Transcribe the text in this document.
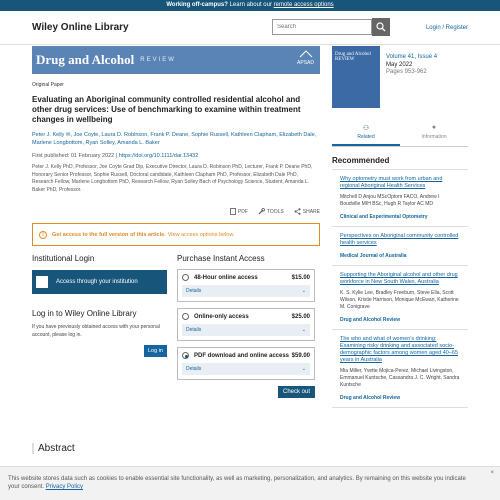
Working off-campus? Learn about our remote access options
Wiley Online Library
Search	Login / Register
Drug and Alcohol REVIEW	APSAD
Original Paper
Evaluating an Aboriginal community controlled residential alcohol and other drug services: Use of benchmarking to examine within treatment changes in wellbeing
Peter J. Kelly ✉, Joe Coyte, Laura D. Robinson, Frank P. Deane, Sophie Russell, Kathleen Clapham, Elizabeth Dale, Marlene Longbottom, Ryan Solley, Amanda L. Baker
First published: 01 February 2022 | https://doi.org/10.1111/dar.13432
Peter J. Kelly PhD, Professor, Joe Coyte Grad Dip, Executive Director, Laura D. Robinson PhD, Lecturer, Frank P. Deane PhD, Honorary Senior Professor, Sophie Russell, Doctoral candidate, Kathleen Clapham PhD, Professor, Elizabeth Dale PhD, Research Fellow, Marlene Longbottom PhD, Research Fellow, Ryan Solley Bach of Psychology Science, Student, Amanda L. Baker PhD, Professor.
PDF	TOOLS	SHARE
!	Get access to the full version of this article. View access options below.
Institutional Login
Access through your institution
Log in to Wiley Online Library
If you have previously obtained access with your personal account, please log in.
Log in
Purchase Instant Access
48-Hour online access	$15.00
Details	⌄
Online-only access	$25.00
Details	⌄
PDF download and online access $59.00
Details	⌄
Check out
Abstract
Drug and Alcohol REVIEW	Volume 41, Issue 4
May 2022
Pages 953-962
⚇
Related
●
Information
Recommended
Why optometry must work from urban and regional Aboriginal Health Services
Mitchell D Anjou MScOptom FACO, Andrew I Boudville MIH BSc, Hugh R Taylor AC MD
Clinical and Experimental Optometry
Perspectives on Aboriginal community controlled health services
Medical Journal of Australia
Supporting the Aboriginal alcohol and other drug workforce in New South Wales, Australia
K. S. Kylie Lee, Bradley Freeburn, Steve Ella, Scott Wilson, Kristie Harrison, Monique McEwan, Katherine M. Conigrave
Drug and Alcohol Review
The who and what of women's drinking: Examining risky drinking and associated socio-demographic factors among women aged 40–65 years in Australia
Mia Miller, Yvette Mojica-Perez, Michael Livingston, Emmanuel Kuntsche, Cassandra J. C. Wright, Sandra Kuntsche
Drug and Alcohol Review
This website stores data such as cookies to enable essential site functionality, as well as marketing, personalization, and analytics. By remaining on this website you indicate your consent. Privacy Policy
×
